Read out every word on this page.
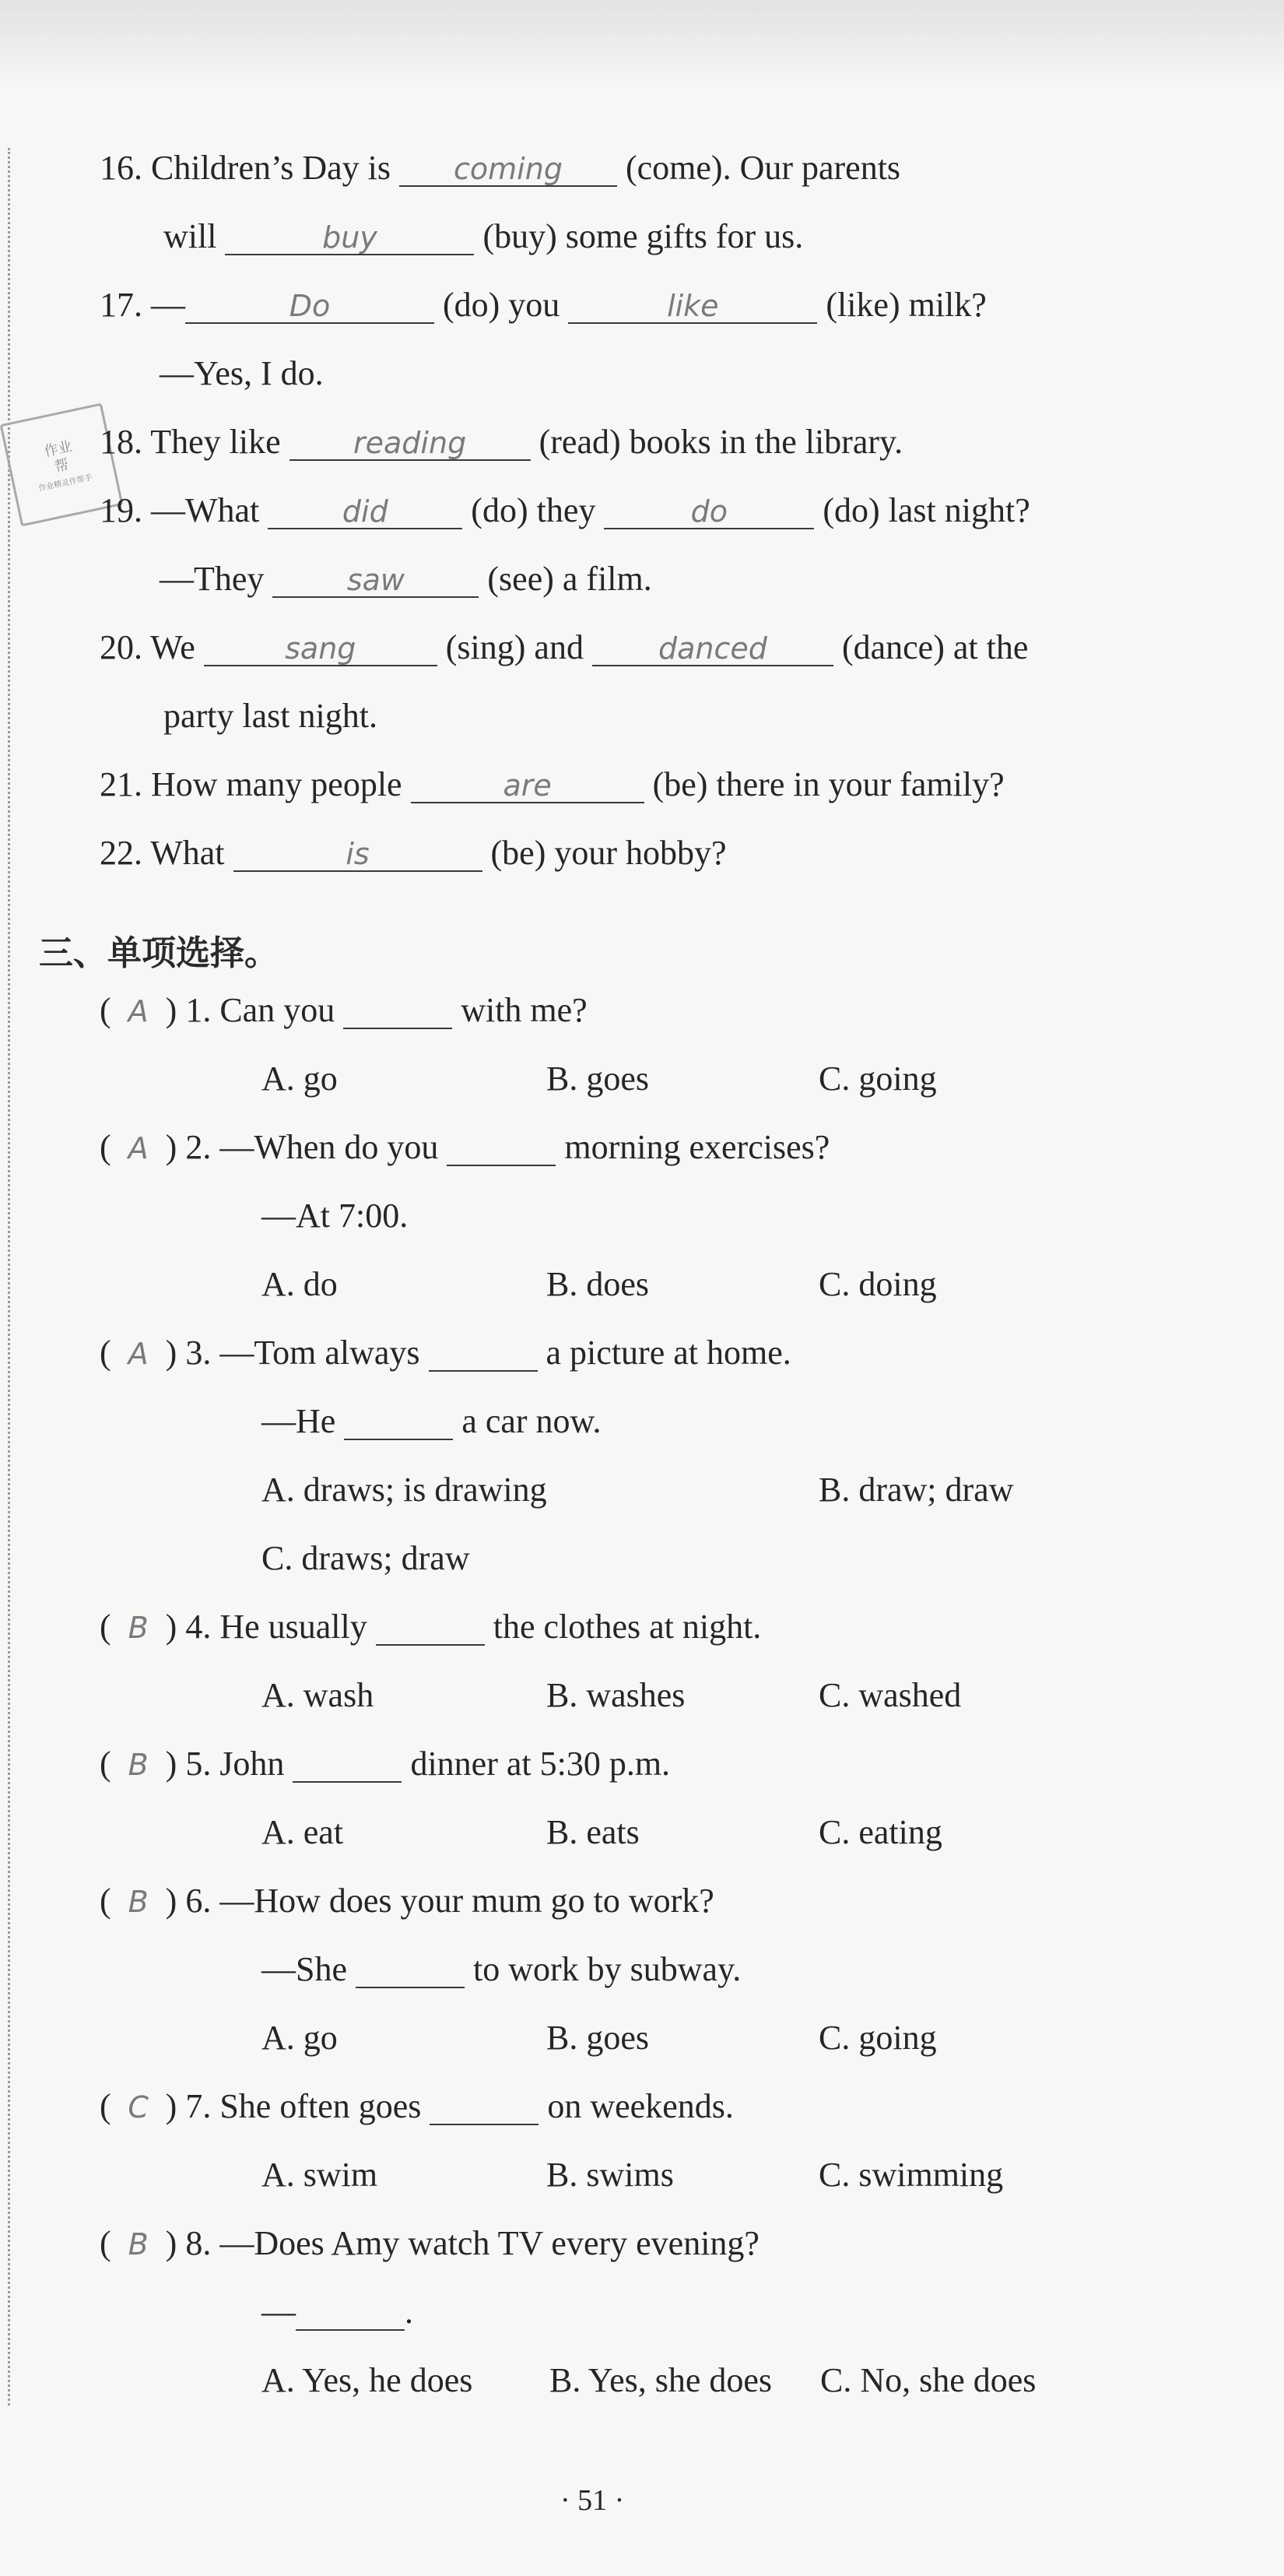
作业
帮
作业精灵作帮手
16. Children’s Day is coming (come). Our parents
will	buy	(buy) some gifts for us.
17. —	Do	(do) you	like	(like) milk?
—Yes, I do.
18. They like reading (read) books in the library.
19. —What	did (do) they	do	(do) last night?
—They	saw (see) a film.
20. We	sang	(sing) and	danced (dance) at the
party last night.
21. How many people	are	(be) there in your family?
22. What	is	(be) your hobby?
三、单项选择。
( A ) 1. Can you	with me?
A. go	B. goes	C. going
( A ) 2. —When do you	morning exercises?
—At 7:00.
A. do	B. does	C. doing
( A ) 3. —Tom always	a picture at home.
—He	a car now.
A. draws; is drawing	B. draw; draw
C. draws; draw
( B ) 4. He usually	the clothes at night.
A. wash	B. washes	C. washed
( B ) 5. John	dinner at 5:30 p.m.
A. eat	B. eats	C. eating
( B ) 6. —How does your mum go to work?
—She	to work by subway.
A. go	B. goes	C. going
( C ) 7. She often goes	on weekends.
A. swim	B. swims	C. swimming
( B ) 8. —Does Amy watch TV every evening?
—	.
A. Yes, he does B. Yes, she does C. No, she does
· 51 ·
